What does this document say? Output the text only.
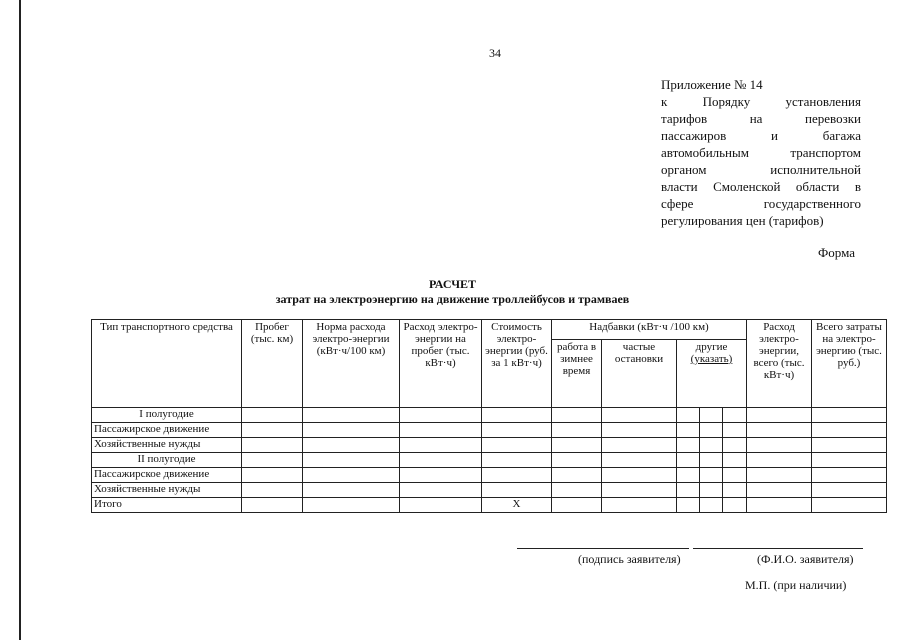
34
Приложение № 14
к	Порядку	установления
тарифов	на	перевозки
пассажиров	и	багажа
автомобильным	транспортом
органом	исполнительной
власти Смоленской области в
сфере	государственного
регулирования цен (тарифов)
Форма
РАСЧЕТ
затрат на электроэнергию на движение троллейбусов и трамваев
Тип транспортного средства	Пробег (тыс. км)	Норма расхода электро-энергии (кВт·ч/100 км)	Расход электро-энергии на пробег (тыс. кВт·ч)	Стоимость электро-энергии (руб. за 1 кВт·ч)	Надбавки (кВт·ч /100 км)					Расход электро-энергии, всего (тыс. кВт·ч)	Всего затраты на электро-энергию (тыс. руб.)
					работа в зимнее время	частые остановки	другие (указать)				
I полугодие											
Пассажирское движение											
Хозяйственные нужды											
II полугодие											
Пассажирское движение											
Хозяйственные нужды											
Итого				Х							
(подпись заявителя)	(Ф.И.О. заявителя)
М.П. (при наличии)
